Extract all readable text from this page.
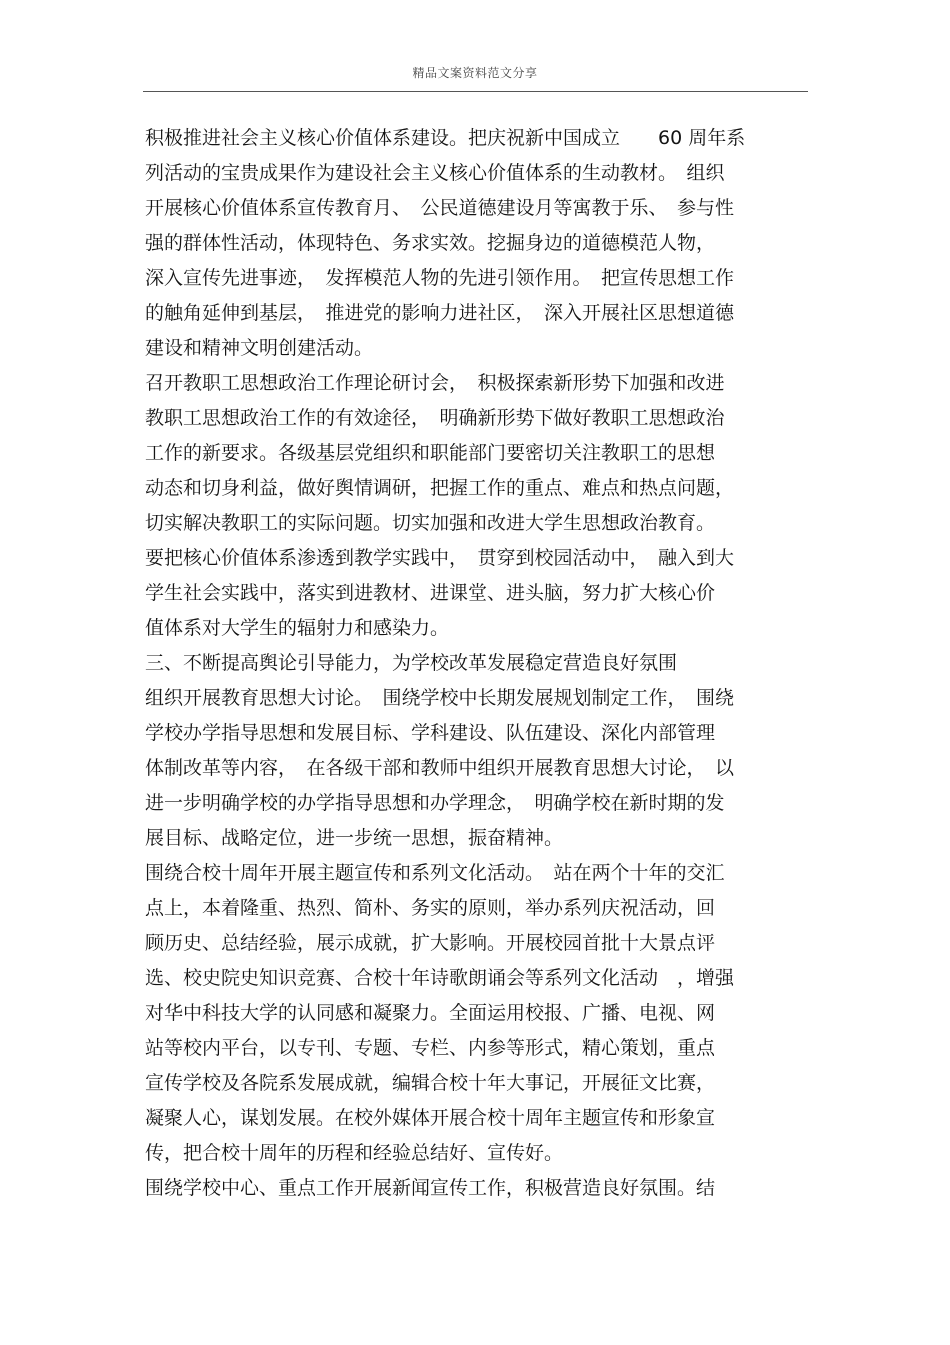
精品文案资料范文分享
积极推进社会主义核心价值体系建设。把庆祝新中国成立　　60 周年系
列活动的宝贵成果作为建设社会主义核心价值体系的生动教材。　组织
开展核心价值体系宣传教育月、　公民道德建设月等寓教于乐、　参与性
强的群体性活动，体现特色、务求实效。挖掘身边的道德模范人物，
深入宣传先进事迹，　发挥模范人物的先进引领作用。　把宣传思想工作
的触角延伸到基层，　推进党的影响力进社区，　深入开展社区思想道德
建设和精神文明创建活动。
召开教职工思想政治工作理论研讨会，　积极探索新形势下加强和改进
教职工思想政治工作的有效途径，　明确新形势下做好教职工思想政治
工作的新要求。各级基层党组织和职能部门要密切关注教职工的思想
动态和切身利益，做好舆情调研，把握工作的重点、难点和热点问题，
切实解决教职工的实际问题。切实加强和改进大学生思想政治教育。
要把核心价值体系渗透到教学实践中，　贯穿到校园活动中，　融入到大
学生社会实践中，落实到进教材、进课堂、进头脑，努力扩大核心价
值体系对大学生的辐射力和感染力。
三、不断提高舆论引导能力，为学校改革发展稳定营造良好氛围
组织开展教育思想大讨论。　围绕学校中长期发展规划制定工作，　围绕
学校办学指导思想和发展目标、学科建设、队伍建设、深化内部管理
体制改革等内容，　在各级干部和教师中组织开展教育思想大讨论，　以
进一步明确学校的办学指导思想和办学理念，　明确学校在新时期的发
展目标、战略定位，进一步统一思想，振奋精神。
围绕合校十周年开展主题宣传和系列文化活动。　站在两个十年的交汇
点上，本着隆重、热烈、简朴、务实的原则，举办系列庆祝活动，回
顾历史、总结经验，展示成就，扩大影响。开展校园首批十大景点评
选、校史院史知识竞赛、合校十年诗歌朗诵会等系列文化活动　，增强
对华中科技大学的认同感和凝聚力。全面运用校报、广播、电视、网
站等校内平台，以专刊、专题、专栏、内参等形式，精心策划，重点
宣传学校及各院系发展成就，编辑合校十年大事记，开展征文比赛，
凝聚人心，谋划发展。在校外媒体开展合校十周年主题宣传和形象宣
传，把合校十周年的历程和经验总结好、宣传好。
围绕学校中心、重点工作开展新闻宣传工作，积极营造良好氛围。结
